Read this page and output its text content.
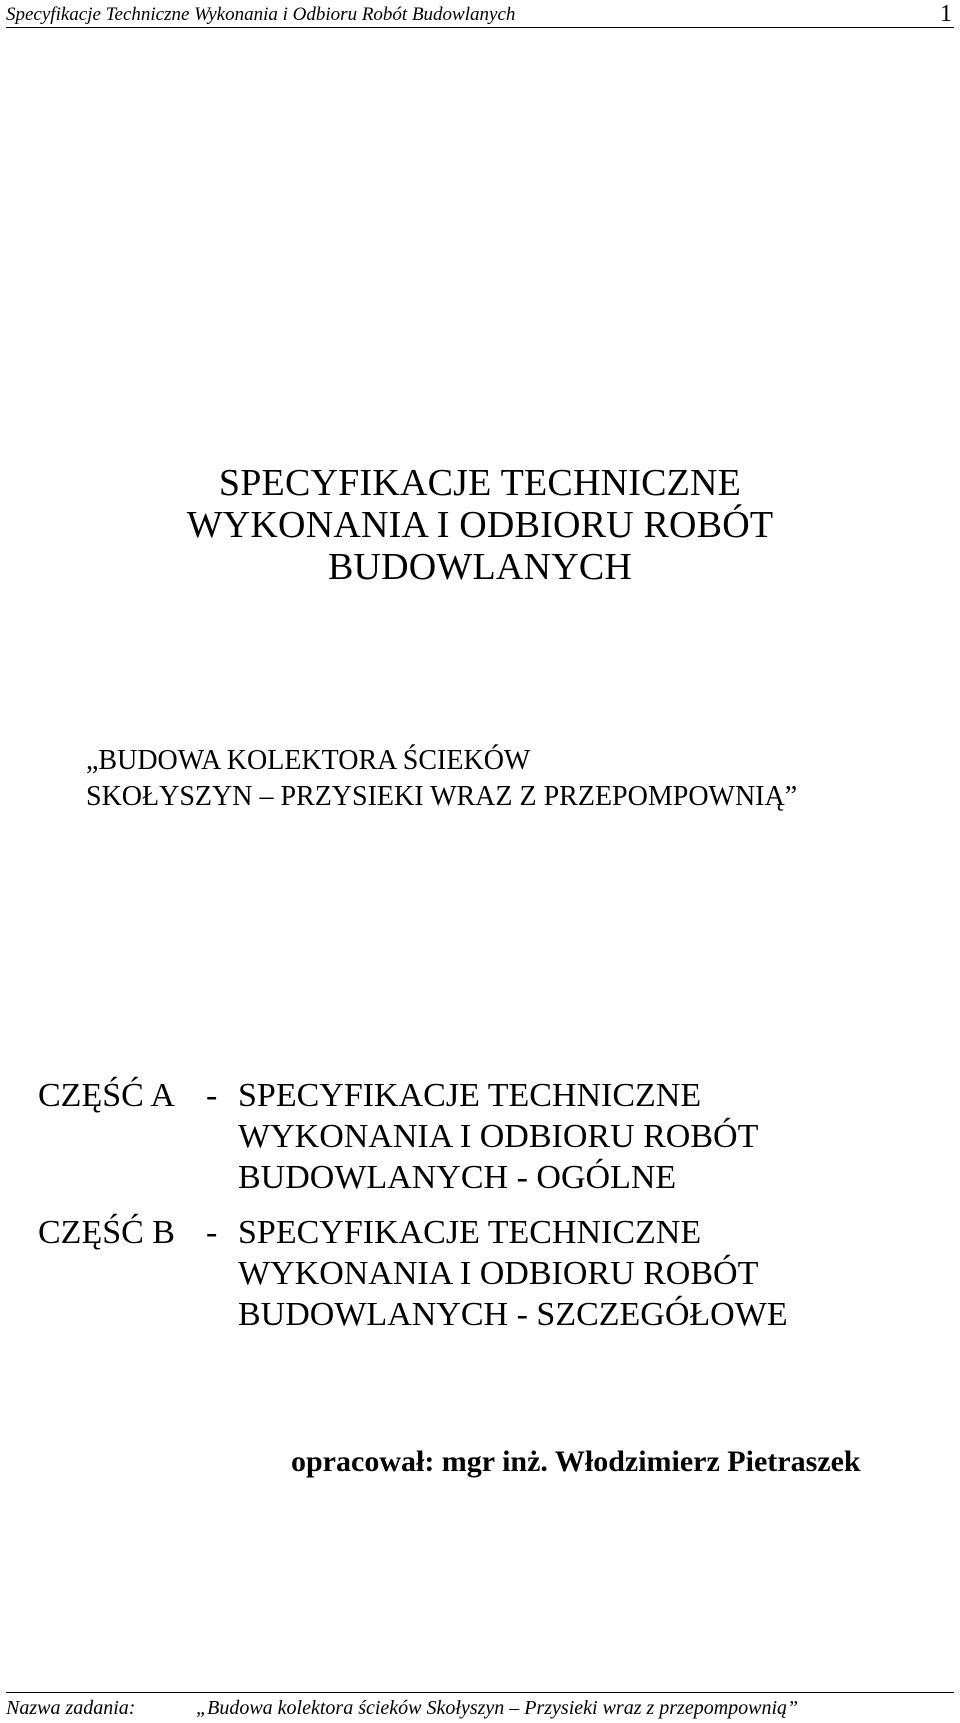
Specyfikacje Techniczne Wykonania i Odbioru Robót Budowlanych	1
SPECYFIKACJE TECHNICZNE
WYKONANIA I ODBIORU ROBÓT
BUDOWLANYCH
„BUDOWA KOLEKTORA ŚCIEKÓW
SKOŁYSZYN – PRZYSIEKI WRAZ Z PRZEPOMPOWNIĄ”
CZĘŚĆ A - SPECYFIKACJE TECHNICZNE
WYKONANIA I ODBIORU ROBÓT
BUDOWLANYCH - OGÓLNE
CZĘŚĆ B - SPECYFIKACJE TECHNICZNE
WYKONANIA I ODBIORU ROBÓT
BUDOWLANYCH - SZCZEGÓŁOWE
opracował: mgr inż. Włodzimierz Pietraszek
Nazwa zadania:	„Budowa kolektora ścieków Skołyszyn – Przysieki wraz z przepompownią”
